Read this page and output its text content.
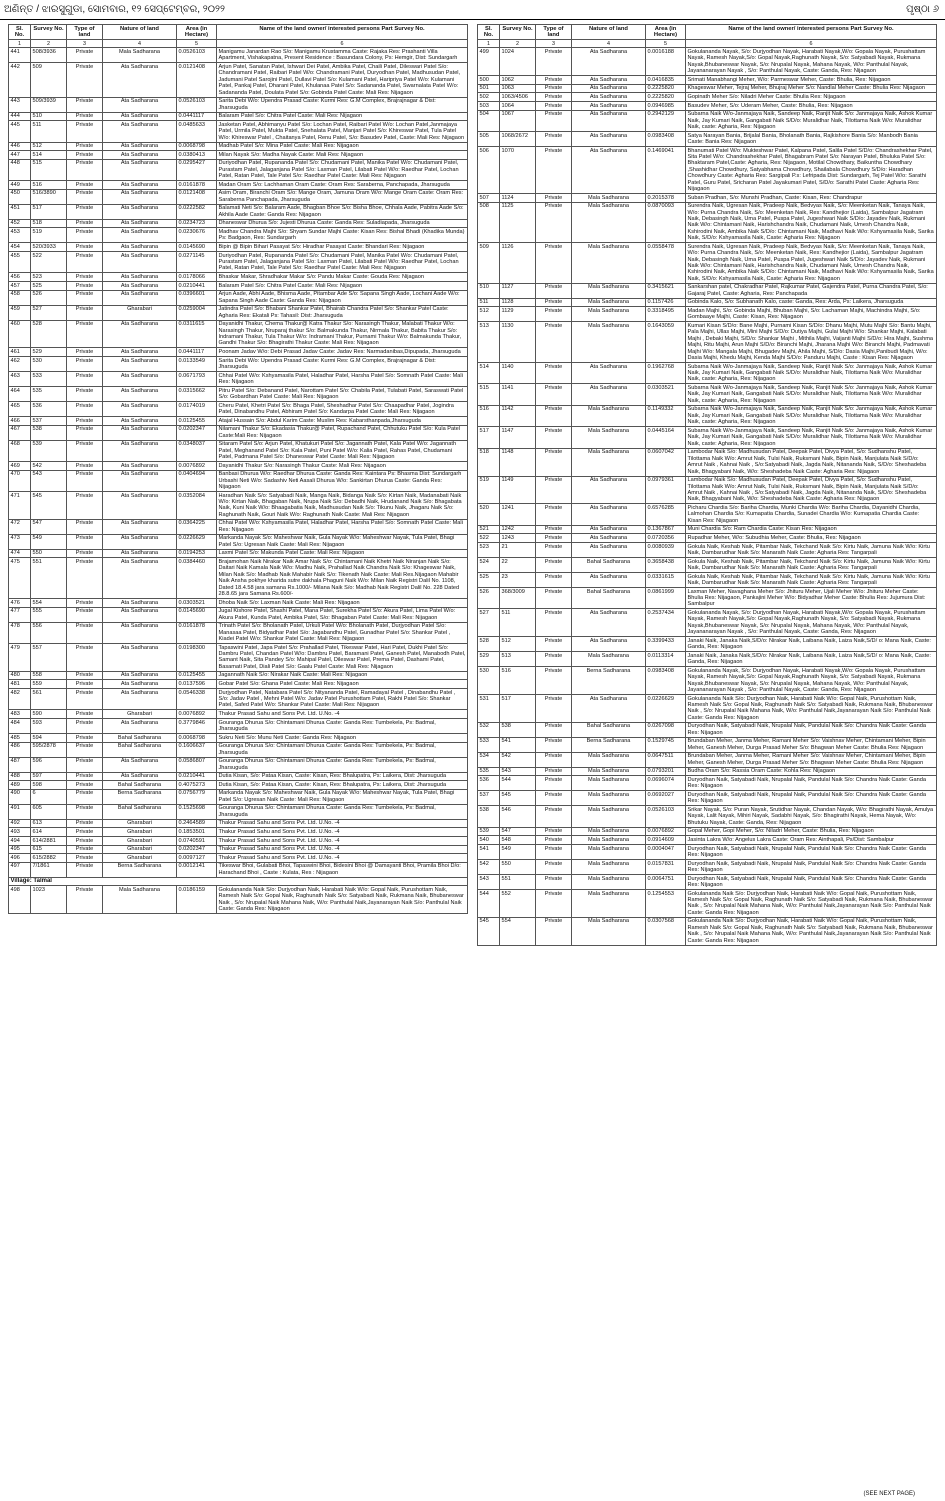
ଅଣିନ୍ତ / ଝାରସୁଗୁଡା, ସୋମବାର, ୧୨ ସେପ୍ଟେମ୍ବର, ୨୦୨୨	ପୃଷ୍ଠା ୬
Sl. No.	Survey No.	Type of land	Nature of land	Area (in Hectare)	Name of the land owner/ interested persons Part Survey No.
1	2	3	4	5	6
441	508/3936	Private	Mala Sadharana	0.0526103	Manigamu Janardan Rao S/o: Manigamu Krustamma Caste: Rajaka Res: Prashanti Villa Apartment, Vishakapatna, Present Residence : Basundara Colony, Ps: Hemgir, Dist: Sundargarh
442	509	Private	Ata Sadharana	0.0121408	Arjun Patel, Sanatan Patel, Ishwari Dei Patel, Ambika Patel, Chaili Patel, Dileswari Patel S/o: Chandramani Patel, Raibari Patel W/o: Chandramani Patel, Duryodhan Patel, Madhusudan Patel, Jadumani Patel Sarojini Patel, Dullavi Patel S/o: Kulamani Patel, Haripriya Patel W/o: Kulamani Patel, Pankaj Patel, Dharani Patel, Khulanaa Patel S/o: Sadananda Patel, Swarnalata Patel W/o: Sadananda Patel, Doulata Patel S/o: Gobinda Patel Caste: Mali Res: Nijagaon
443	509/3939	Private	Ata Sadharana	0.0526103	Sarita Debi W/o: Upendra Prasad Caste: Kurmi Res: G.M Complex, Brajrajnagar & Dist: Jharsuguda
444	510	Private	Ata Sadharana	0.0441117	Balaram Patel S/o: Chitra Patel Caste: Mali Res: Nijagaon
445	511	Private	Ata Sadharana	0.0485633	Jasketan Patel, Abhimanyu Patel S/o: Lochan Patel, Raibari Patel W/o: Lochan Patel,Janmajaya Patel, Urmila Patel, Mukta Patel, Snehalata Patel, Manjari Patel S/o: Khireswar Patel, Tula Patel W/o: Khireswar Patel , Chaitanya Patel, Renu Patel, S/o: Basudev Patel, Caste: Mali Res: Nijagaon
446	512	Private	Ata Sadharana	0.0068798	Madhab Patel S/o: Mina Patel Caste: Mali Res: Nijagaon
447	514	Private	Ata Sadharana	0.0380413	Milan Nayak S/o: Madha Nayak Caste: Mali Res: Nijagaon
448	515	Private	Ata Sadharana	0.0295427	Duriyodhan Patel, Rupananda Patel S/o: Chudamani Patel, Manika Patel W/o: Chudamani Patel, Purastam Patel, Jalaganjana Patel S/o: Laxman Patel, Lilabati Patel W/o: Raedhar Patel, Lochan Patel, Ratan Patel, Tale Patel S/o: Raedhar Patel Caste: Mali Res: Nijagaon
449	516	Private	Ata Sadharana	0.0161878	Madan Oram S/o: Lachhaman Oram Caste: Oram Res: Saraberna, Panchapada, Jharsuguda
450	516/3890	Private	Ata Sadharana	0.0121408	Asim Oram, Biranchi Oram S/o: Mange Oram, Jamuna Oram W/o: Mange Oram Caste: Oram Res: Saraberna Panchapada, Jharsuguda
451	517	Private	Ata Sadharana	0.0222582	Balamati Neti S/o: Balaram Aade, Bhagban Bhoe S/o: Bisha Bhoe, Chhala Aade, Pabitra Aade S/o: Akhila Aade Caste: Ganda Res: Nijagaon
452	518	Private	Ata Sadharana	0.0234723	Dhaneswar Dhurua S/o: Jujesti Dhurua Caste: Ganda Res: Suladiapada, Jharsuguda
453	519	Private	Ata Sadharana	0.0230676	Madhav Chandra Majhi S/o: Shyam Sundar Majhi Caste: Kisan Res: Bishal Bhadi (Khadika Munda) Ps: Badgaon, Res: Sundargarh
454	520/3933	Private	Ata Sadharana	0.0145690	Bipin @ Bipin Bihari Pasayat S/o: Hiradhar Pasayat Caste: Bhandari Res: Nijagaon
455	522	Private	Ata Sadharana	0.0271145	Duriyodhan Patel, Rupananda Patel S/o: Chudamani Patel, Manika Patel W/o: Chudamani Patel, Purastam Patel, Jalaganjana Patel S/o: Laxman Patel, Lilabati Patel W/o: Raedhar Patel, Lochan Patel, Ratan Patel, Tale Patel S/o: Raedhar Patel Caste: Mali Res: Nijagaon
456	523	Private	Ata Sadharana	0.0178066	Bhaskar Makar, Shradhakar Makar S/o: Pandu Makar Caste: Gouda Res: Nijagaon
457	525	Private	Ata Sadharana	0.0210441	Balaram Patel S/o: Chitra Patel Caste: Mali Res: Nijagaon
458	526	Private	Ata Sadharana	0.0396601	Arjun Aade, Abhi Aade, Bhisma Aade, Pitambar Ade S/o: Sapana Singh Aade, Lochani Aade W/o: Sapana Singh Aade Caste: Ganda Res: Nijagaon
459	527	Private	Gharabari	0.0259004	Jatindra Patel S/o: Bhabani Shankar Patel, Bhairab Chandra Patel S/o: Shankar Patel Caste: Agharia Res: Ekatali Ps: Tahasil: Dist: Jharsuguda
460	528	Private	Ata Sadharana	0.0311615	Dayanidhi Thakur, Chema Thakur@ Katra Thakur S/o: Narasingh Thakur, Malabati Thakur W/o: Narasingh Thakur, Nruparaj thakur S/o: Balmakunda Thakur, Nirmala Thakur, Babita Thakur S/o: Indramani Thakur, Tula Thakur W/o: Indramani Thakur, Purnami Thakur W/o: Balmakunda Thakur, Gandhi Thakur S/o: Bhagirathi Thakur Caste: Mali Res: Nijagaon
461	529	Private	Ata Sadharana	0.0441117	Poonam Jadav W/o: Debi Prasad Jadav Caste: Jadav Res: Narmadanibas,Dipupada, Jharsuguda
462	530	Private	Ata Sadharana	0.0133549	Sarita Debi W/o: Upendra Prasad Caste: Kurmi Res: G.M Complex, Brajrajnagar & Dist: Jharsuguda
463	533	Private	Ata Sadharana	0.0671793	Chhai Patel W/o: Kshyamasila Patel, Haladhar Patel, Harsha Patel S/o: Somnath Patel Caste: Mali Res: Nijagaon
464	535	Private	Ata Sadharana	0.0315662	Pitru Patel S/o: Debanand Patel, Narottam Patel S/o: Chabila Patel, Tulabati Patel, Saraswati Patel S/o: Gobardhan Patel Caste: Mali Res: Nijagaon
465	536	Private	Ata Sadharana	0.0174019	Cheru Patel, Khetri Patel S/o: Bhaga Patel, Sheshadhar Patel S/o: Chaapadhar Patel, Jogindra Patel, Dinabandhu Patel, Abhiram Patel S/o: Kandarpa Patel Caste: Mali Res: Nijagaon
466	537	Private	Ata Sadharana	0.0125455	Atajal Hussain S/o: Abdul Karim Caste: Muslim Res: Kabarsthanpada,Jharsuguda
467	538	Private	Ata Sadharana	0.0202347	Nilamani Thakur S/o: Ekadasia Thakur@ Patel, Rupachand Patel, Chhutuku Patel S/o: Kula Patel Caste:Mali Res: Nijagaon
468	539	Private	Ata Sadharana	0.0348037	Sitaram Patel S/o: Arjun Patel, Khatukuri Patel S/o: Jagannath Patel, Kala Patel W/o: Jagannath Patel, Meghanand Patel S/o: Kala Patel, Puni Patel W/o: Kalia Patel, Rahas Patel, Chudamani Patel, Padmana Patel S/o: Dhaneswar Patel Caste: Mali Res: Nijagaon
469	542	Private	Ata Sadharana	0.0076892	Dayanidhi Thakur S/o: Narasingh Thakur Caste: Mali Res: Nijagaon
470	543	Private	Ata Sadharana	0.0404694	Banbasi Dhurua W/o: Raedhar Dhurua Caste: Ganda Res: Kaintara Ps: Bhasma Dist: Sundargarh Urbashi Neti W/o: Sadashiv Neti Aasali Dhurua W/o: Sankirtan Dhurua Caste: Ganda Res: Nijagaon
471	545	Private	Ata Sadharana	0.0352084	Haradhan Naik S/o: Satyabadi Naik, Manga Naik, Bidanga Naik S/o: Kirtan Naik, Madanabati Naik W/o: Kirtan Naik, Bhagaban Naik, Nrupa Naik S/o: Debadhi Naik, Hrudanand Naik S/o: Bhagabata Naik, Kuni Naik W/o: Bhaagabatia Naik, Madhusudan Naik S/o: Tikunu Naik, Jhagaru Naik S/o: Raghunath Naik, Gouri Naik W/o: Raghunath Naik Caste: Mali Res: Nijagaon
472	547	Private	Ata Sadharana	0.0364225	Chhai Patel W/o: Kshyamasila Patel, Haladhar Patel, Harsha Patel S/o: Somnath Patel Caste: Mali Res: Nijagaon
473	549	Private	Ata Sadharana	0.0226629	Markanda Nayak S/o: Maheshwar Naik, Gula Nayak W/o: Maheshwar Nayak, Tula Patel, Bhagi Patel S/o: Ugresan Naik Caste: Mali Res: Nijagaon
474	550	Private	Ata Sadharana	0.0194253	Laxmi Patel S/o: Makunda Patel Caste: Mali Res: Nijagaon
475	551	Private	Ata Sadharana	0.0384460	Brajamohan Naik Nirakar Naik Amar Naik S/o: Chintamani Naik Khetri Naik Niranjan Naik S/o: Daitari Naik Kamala Naik W/o: Madhu Naik, Prahallad Naik Chandra Naik S/o: Khageswar Naik, Milan Naik S/o: Madhab Naik Mahabir Naik S/o: Tikenath Naik Caste: Mali Res.Nijagaon Mahabir Naik Ansha pokhye kharida sutre dakhala Phaguni Naik W/o: Milan Naik Registri Dalil No. 1108, Dated 18.4.58 jara samana Rs.1000/- Milana Naik S/o: Madhab Naik Registri Dalil No. 228 Dated 28.8.65 jara Samana Rs.600/-
476	554	Private	Ata Sadharana	0.0303521	Dhoba Naik S/o: Laxman Naik Caste: Mali Res: Nijagaon
477	555	Private	Ata Sadharana	0.0145690	Jugal Kishore Patel, Shashi Patel, Mana Patel, Surekha Patel S/o: Akura Patel, Lima Patel W/o: Akura Patel, Kunda Patel, Ambika Patel, S/o: Bhagaban Patel Caste: Mali Res: Nijagaon
478	556	Private	Ata Sadharana	0.0161878	Trinath Patel S/o: Bholanath Patel, Urkuli Patel W/o: Bholanath Patel, Durjyodhan Patel S/o: Manasaa Patel, Bidyadhar Patel S/o: Jagabandhu Patel, Gunadhar Patel S/o: Shankar Patel , Kiadei Patel W/o: Shankar Patel Caste: Mali Res: Nijagaon
479	557	Private	Ata Sadharana	0.0198300	Tapaswini Patel, Japa Patel S/o: Prahallad Patel, Tikeswar Patel, Hari Patel, Dukhi Patel S/o: Dambru Patel, Chandan Patel W/o: Dambru Patel, Baramani Patel, Ganesh Patel, Manabodh Patel, Samant Naik, Sita Pandey S/o: Mahipal Patel, Dileswar Patel, Prema Patel, Dashami Patel, Basamati Patel, Diali Patel S/o: Gaalu Patel Caste: Mali Res: Nijagaon
480	558	Private	Ata Sadharana	0.0125455	Jagannath Naik S/o: Nirakar Naik Caste: Mali Res: Nijagaon
481	559	Private	Ata Sadharana	0.0137596	Gobar Patel S/o: Ghana Patel Caste: Mali Res: Nijagaon
482	561	Private	Ata Sadharana	0.0546338	Durjyodhan Patel, Natabara Patel S/o: Nityananda Patel, Ramadayal Patel , Dinabandhu Patel , S/o: Jadav Patel , Mehni Patel W/o: Jadav Patel Purushottam Patel, Rakhi Patel S/o: Shankar Patel, Safed Patel W/o: Shankar Patel Caste: Mali Res: Nijagaon
483	590	Private	Gharabari	0.0076892	Thakur Prasad Sahu and Sons Pvt. Ltd. U.No. -4
484	593	Private	Ata Sadharana	0.3779846	Gouranga Dhurua S/o: Chintamani Dhurua Caste: Ganda Res: Tumbekela, Ps: Badmal, Jharsuguda
485	594	Private	Bahal Sadharana	0.0068798	Sukru Neti S/o: Munu Neti Caste: Ganda Res: Nijagaon
486	595/2878	Private	Bahal Sadharana	0.1606637	Gouranga Dhurua S/o: Chintamani Dhurua Caste: Ganda Res: Tumbekela, Ps: Badmal, Jharsuguda
487	596	Private	Ata Sadharana	0.0586807	Gouranga Dhurua S/o: Chintamani Dhurua Caste: Ganda Res: Tumbekela, Ps: Badmal, Jharsuguda
488	597	Private	Ata Sadharana	0.0210441	Dutia Kisan, S/o: Pataa Kisan, Caste: Kisan, Res: Bhalupatra, Ps: Laikera, Dist: Jharsuguda
489	598	Private	Bahal Sadharana	0.4075273	Dutia Kisan, S/o: Pataa Kisan, Caste: Kisan, Res: Bhalupatra, Ps: Laikera, Dist: Jharsuguda
490	6	Private	Berna Sadharana	0.0756779	Markanda Nayak S/o: Maheshwar Naik, Gula Nayak W/o: Maheshwar Nayak, Tula Patel, Bhagi Patel S/o: Ugresan Naik Caste: Mali Res: Nijagaon
491	605	Private	Bahal Sadharana	0.1525698	Gouranga Dhurua S/o: Chintamani Dhurua Caste: Ganda Res: Tumbekela, Ps: Badmal, Jharsuguda
492	613	Private	Gharabari	0.2464589	Thakur Prasad Sahu and Sons Pvt. Ltd. U.No. -4
493	614	Private	Gharabari	0.1853501	Thakur Prasad Sahu and Sons Pvt. Ltd. U.No. -4
494	614/2881	Private	Gharabari	0.0740591	Thakur Prasad Sahu and Sons Pvt. Ltd. U.No. -4
495	615	Private	Gharabari	0.0202347	Thakur Prasad Sahu and Sons Pvt. Ltd. U.No. -4
496	615/2882	Private	Gharabari	0.0097127	Thakur Prasad Sahu and Sons Pvt. Ltd. U.No. -4
497	7/1861	Private	Berna Sadharana	0.0012141	Tikeswar Bhoi, Gulabati Bhoi, Tapaswini Bhoi, Bidesini Bhoi @ Damayanti Bhoi, Pramila Bhoi D/o: Harachand Bhoi , Caste : Kulata, Res : Nijagaon
Village: Talmal					
498	1023	Private	Mala Sadharana	0.0186159	Gokulananda Naik S/o: Durjyodhan Naik, Harabati Naik W/o: Gopal Naik, Purushottam Naik, Ramesh Naik S/o: Gopal Naik, Raghunath Naik S/o: Satyabadi Naik, Rukmana Naik, Bhubaneswar Naik , S/o: Nrupalal Naik Mahana Naik, W/o: Panthulal Naik,Jayanarayan Naik S/o: Panthulal Naik Caste: Ganda Res: Nijagaon
Sl. No.	Survey No.	Type of land	Nature of land	Area (in Hectare)	Name of the land owner/ interested persons Part Survey No.
1	2	3	4	5	6
499	1024	Private	Ata Sadharana	0.0016188	Gokulananda Nayak, S/o: Durjyodhan Nayak, Harabati Nayak,W/o: Gopala Nayak, Purushattam Nayak, Ramesh Nayak,S/o: Gopal Nayak,Raghunath Nayak, S/o: Satyabadi Nayak, Rukmana Nayak,Bhubaneswar Nayak, S/o: Nrupalal Nayak, Mahana Nayak, W/o: Panthulal Nayak, Jayananarayan Nayak , S/o: Panthulal Nayak, Caste: Ganda, Res: Nijagaon
500	1062	Private	Ata Sadharana	0.0416835	Srimati Manabhangi Meher, W/o: Parmeswar Meher, Caste: Bhulia, Res: Nijagaon
501	1063	Private	Ata Sadharana	0.2225820	Khageswar Meher, Tejraj Meher, Bhujraj Meher S/o: Nandlal Meher Caste: Bhulia Res: Nijagaon
502	1063/4506	Private	Ata Sadharana	0.2225820	Gopinath Meher S/o: Niladri Meher Caste: Bhulia Res: Nijagaon
503	1064	Private	Ata Sadharana	0.0946985	Basudev Meher, S/o: Uderam Meher, Caste: Bhulia, Res: Nijagaon
504	1067	Private	Ata Sadharana	0.2942129	Subarna Naik W/o-Janmajaya Naik, Sandeep Naik, Ranjit Naik S/o: Janmajaya Naik, Ashok Kumar Naik, Jay Kumari Naik, Gangabati Naik S/D/o: Muralidhar Naik, Tilottama Naik W/o: Muralidhar Naik, caste: Agharia, Res: Nijagaon
505	1068/2672	Private	Ata Sadharana	0.0983408	Satya Narayan Bania, Brijalal Bania, Bholanath Bania, Rajkishore Bania S/o: Manbodh Bania Caste: Bania Res: Nijagaon
506	1070	Private	Ata Sadharana	0.1469041	Bhanumati Patel W/o: Mukteshwar Patel, Kalpana Patel, Salila Patel S/D/o: Chandrashekhar Patel, Sita Patel W/o: Chandrashekhar Patel, Bhagabram Patel S/o: Narayan Patel, Bhuluka Patel S/o: Bhaktaram Patel,Caste: Agharia, Res: Nijagaon, Motilal Chowdhary, Baikuntha Chowdhary ,Shashidhar Chowdhury, Satyabhama Chowdhury, Shailabala Chowdhury S/D/o: Haradhan Chowdhury Caste: Agharia Res: Sargipali P.s: Lefripada Dist: Sundargarh, Tej Patel W/o: Sarathi Patel, Guru Patel, Sricharan Patel Jayakumari Patel, S/D/o: Sarathi Patel Caste: Agharia Res: Nijagaon
507	1124	Private	Mala Sadharana	0.2015378	Suban Pradhan, S/o: Munshi Pradhan, Caste: Kisan, Res: Chandrapur
508	1125	Private	Mala Sadharana	0.0870093	Surendra Naik, Ugresan Naik, Pradeep Naik, Bedvyas Naik, S/o: Meenketan Naik, Tanaya Naik, W/o: Purna Chandra Naik, S/o: Meenketan Naik, Res: Kandhejior (Laida), Sambalpur Jagatram Naik, Debasingh Naik, Uma Patel, Puspa Patel, Jugeshwari Naik S/D/o: Jayadev Naik, Rukmani Naik W/o: Chintamani Naik, Harishchandra Naik, Chudamani Naik, Umesh Chandra Naik, Kshirodini Naik, Ambika Naik S/D/o: Chintamani Naik, Madhavi Naik W/o: Kshyamasila Naik, Sarika Naik, S/D/o: Kshyamasila Naik, Caste: Agharia Res: Nijagaon
509	1126	Private	Mala Sadharana	0.0558478	Surendra Naik, Ugresan Naik, Pradeep Naik, Bedvyas Naik, S/o: Meenketan Naik, Tanaya Naik, W/o: Purna Chandra Naik, S/o: Meenketan Naik, Res: Kandhejior (Laida), Sambalpur Jagatram Naik, Debasingh Naik, Uma Patel, Puspa Patel, Jugeshwari Naik S/D/o: Jayadev Naik, Rukmani Naik W/o: Chintamani Naik, Harishchandra Naik, Chudamani Naik, Umesh Chandra Naik, Kshirodini Naik, Ambika Naik S/D/o: Chintamani Naik, Madhavi Naik W/o: Kshyamasila Naik, Sarika Naik, S/D/o: Kshyamasila Naik, Caste: Agharia Res: Nijagaon
510	1127	Private	Mala Sadharana	0.3415621	Sankarshan patel, Chakradhar Patel, Rajkumar Patel, Gajendra Patel, Purna Chandra Patel, S/o: Gajaraj Patel, Caste: Agharia, Res: Panchapada
511	1128	Private	Mala Sadharana	0.1157426	Gobinda Kalo, S/o: Subhanath Kalo, caste: Ganda, Res: Arda, Ps: Laikera, Jharsuguda
512	1129	Private	Mala Sadharana	0.3318495	Madan Majhi, S/o: Gobinda Majhi, Bhuban Majhi, S/o: Lachaman Majhi, Machindra Majhi, S/o: Gombaaye Majhi, Caste: Kisan, Res: Nijagaon
513	1130	Private	Mala Sadharana	0.1643059	Kumari Kisan S/D/o: Bane Majhi, Purnami Kisan S/D/o: Dhanu Majhi, Mutu Majhi S/o: Bantu Majhi, Pala Majhi, Ullas Majhi, Mini Majhi S/D/o: Dutiya Majhi, Gulai Majhi W/o: Shankar Majhi, Kalabati Majhi , Debaki Majhi, S/D/o: Shankar Majhi , Mithila Majhi, Vaijanti Majhi S/D/o: Hira Majhi, Sushma Majhi, Ritu Majhi, Arun Majhi S/D/o: Biranchi Majhi, Jharana Majhi W/o: Biranchi Majhi, Padmavati Majhi W/o: Mangala Majhi, Bhugadev Majhi, Ahila Majhi, S/D/o: Dasia Majhi,Panibudi Majhi, W/o: Dasia Majhi, Khedu Majhi, Kenda Majhi S/D/o: Panduru Majhi, Caste : Kisan Res: Nijagaon
514	1140	Private	Ata Sadharana	0.1962768	Subarna Naik W/o-Janmajaya Naik, Sandeep Naik, Ranjit Naik S/o: Janmajaya Naik, Ashok Kumar Naik, Jay Kumari Naik, Gangabati Naik S/D/o: Muralidhar Naik, Tilottama Naik W/o: Muralidhar Naik, caste: Agharia, Res: Nijagaon
515	1141	Private	Ata Sadharana	0.0303521	Subarna Naik W/o-Janmajaya Naik, Sandeep Naik, Ranjit Naik S/o: Janmajaya Naik, Ashok Kumar Naik, Jay Kumari Naik, Gangabati Naik S/D/o: Muralidhar Naik, Tilottama Naik W/o: Muralidhar Naik, caste: Agharia, Res: Nijagaon
516	1142	Private	Mala Sadharana	0.1149332	Subarna Naik W/o-Janmajaya Naik, Sandeep Naik, Ranjit Naik S/o: Janmajaya Naik, Ashok Kumar Naik, Jay Kumari Naik, Gangabati Naik S/D/o: Muralidhar Naik, Tilottama Naik W/o: Muralidhar Naik, caste: Agharia, Res: Nijagaon
517	1147	Private	Mala Sadharana	0.0445164	Subarna Naik W/o-Janmajaya Naik, Sandeep Naik, Ranjit Naik S/o: Janmajaya Naik, Ashok Kumar Naik, Jay Kumari Naik, Gangabati Naik S/D/o: Muralidhar Naik, Tilottama Naik W/o: Muralidhar Naik, caste: Agharia, Res: Nijagaon
518	1148	Private	Mala Sadharana	0.0607042	Lambodar Naik S/o: Madhusudan Patel, Deepak Patel, Divya Patel, S/o: Sudhanshu Patel, Tilottama Naik W/o: Amrut Naik, Tulsi Naik, Ruksmani Naik, Bipin Naik, Manjulata Naik S/D/o: Amrut Naik , Kahnai Naik , S/o:Satyabadi Naik, Jagda Naik, Nitananda Naik, S/D/o: Sheshadeba Naik, Bhagyabani Naik, W/o: Sheshadeba Naik Caste: Agharia Res: Nijagaon
519	1149	Private	Ata Sadharana	0.0979361	Lambodar Naik S/o: Madhusudan Patel, Deepak Patel, Divya Patel, S/o: Sudhanshu Patel, Tilottama Naik W/o: Amrut Naik, Tulsi Naik, Ruksmani Naik, Bipin Naik, Manjulata Naik S/D/o: Amrut Naik , Kahnai Naik , S/o:Satyabadi Naik, Jagda Naik, Nitananda Naik, S/D/o: Sheshadeba Naik, Bhagyabani Naik, W/o: Sheshadeba Naik Caste: Agharia Res: Nijagaon
520	1241	Private	Ata Sadharana	0.6576285	Picharu Chardia S/o: Bariha Chardia, Munki Chardia W/o: Bariha Chardia, Dayanidhi Chardia, Lalmohan Chardia S/o: Kumapatia Chardia, Sunadei Chardia W/o: Kumapatia Chardia Caste: Kisan Res: Nijagaon
521	1242	Private	Ata Sadharana	0.1367867	Muni Chardia S/o: Ram Chardia Caste: Kisan Res: Nijagaon
522	1243	Private	Ata Sadharana	0.0720356	Rupadhar Meher, W/o: Subudhia Meher, Caste: Bhulia, Res: Nijagaon
523	21	Private	Ata Sadharana	0.0080939	Gokula Naik, Keshab Naik, Pitambar Naik, Tekchand Naik S/o: Kirtu Naik, Jamuna Naik W/o: Kirtu Naik, Dambarudhar Naik S/o: Manarath Naik Caste: Agharia Res: Tangarpali
524	22	Private	Bahal Sadharana	0.3658438	Gokula Naik, Keshab Naik, Pitambar Naik, Tekchand Naik S/o: Kirtu Naik, Jamuna Naik W/o: Kirtu Naik, Dambarudhar Naik S/o: Manarath Naik Caste: Agharia Res: Tangarpali
525	23	Private	Ata Sadharana	0.0331615	Gokula Naik, Keshab Naik, Pitambar Naik, Tekchand Naik S/o: Kirtu Naik, Jamuna Naik W/o: Kirtu Naik, Dambarudhar Naik S/o: Manarath Naik Caste: Agharia Res: Tangarpali
526	368/3009	Private	Bahal Sadharana	0.0861999	Laxman Meher, Navaghana Meher S/o: Jhituru Meher, Ujali Meher W/o: Jhituru Meher Caste: Bhulia Res: Nijagaon, Pankajini Meher W/o: Bidyadhar Meher Caste: Bhulia Res: Jujumura Dist: Sambalpur
527	511	Private	Ata Sadharana	0.2537434	Gokulananda Nayak, S/o: Durjyodhan Nayak, Harabati Nayak,W/o: Gopala Nayak, Purushattam Nayak, Ramesh Nayak,S/o: Gopal Nayak,Raghunath Nayak, S/o: Satyabadi Nayak, Rukmana Nayak,Bhubaneswar Nayak, S/o: Nrupalal Nayak, Mahana Nayak, W/o: Panthulal Nayak, Jayananarayan Nayak , S/o: Panthulal Nayak, Caste: Ganda, Res: Nijagaon
528	512	Private	Ata Sadharana	0.3399433	Janaki Naik, Janaka Naik,S/D/o: Nirakar Naik, Laibana Naik, Laiza Naik,S/D/ o: Mana Naik, Caste: Ganda, Res: Nijagaon
529	513	Private	Mala Sadharana	0.0113314	Janaki Naik, Janaka Naik,S/D/o: Nirakar Naik, Laibana Naik, Laiza Naik,S/D/ o: Mana Naik, Caste: Ganda, Res: Nijagaon
530	516	Private	Berna Sadharana	0.0983408	Gokulananda Nayak, S/o: Durjyodhan Nayak, Harabati Nayak,W/o: Gopala Nayak, Purushattam Nayak, Ramesh Nayak,S/o: Gopal Nayak,Raghunath Nayak, S/o: Satyabadi Nayak, Rukmana Nayak,Bhubaneswar Nayak, S/o: Nrupalal Nayak, Mahana Nayak, W/o: Panthulal Nayak, Jayananarayan Nayak , S/o: Panthulal Nayak, Caste: Ganda, Res: Nijagaon
531	517	Private	Ata Sadharana	0.0226629	Gokulananda Naik S/o: Durjyodhan Naik, Harabati Naik W/o: Gopal Naik, Purushottam Naik, Ramesh Naik S/o: Gopal Naik, Raghunath Naik S/o: Satyabadi Naik, Rukmana Naik, Bhubaneswar Naik , S/o: Nrupalal Naik Mahana Naik, W/o: Panthulal Naik,Jayanarayan Naik S/o: Panthulal Naik Caste: Ganda Res: Nijagaon
532	538	Private	Bahal Sadharana	0.0267098	Duryodhan Naik, Satyabadi Naik, Nrupalal Naik, Pandulal Naik S/o: Chandra Naik Caste: Ganda Res: Nijagaon
533	541	Private	Berna Sadharana	0.1529745	Brundaban Meher, Janma Meher, Ramani Meher S/o: Vaishnav Meher, Chintamani Meher, Bipin Meher, Ganesh Meher, Durga Prasad Meher S/o: Bhagwan Meher Caste: Bhulia Res: Nijagaon
534	542	Private	Mala Sadharana	0.0647511	Brundaban Meher, Janma Meher, Ramani Meher S/o: Vaishnav Meher, Chintamani Meher, Bipin Meher, Ganesh Meher, Durga Prasad Meher S/o: Bhagwan Meher Caste: Bhulia Res: Nijagaon
535	543	Private	Mala Sadharana	0.0793201	Budha Oram S/o: Rassia Oram Caste: Kohla Res: Nijagaon
536	544	Private	Mala Sadharana	0.0696074	Duryodhan Naik, Satyabadi Naik, Nrupalal Naik, Pandulal Naik S/o: Chandra Naik Caste: Ganda Res: Nijagaon
537	545	Private	Mala Sadharana	0.0692027	Duryodhan Naik, Satyabadi Naik, Nrupalal Naik, Pandulal Naik S/o: Chandra Naik Caste: Ganda Res: Nijagaon
538	546	Private	Mala Sadharana	0.0526103	Srikar Nayak, S/o: Puran Nayak, Srutidhar Nayak, Chandan Nayak, W/o: Bhagirathi Nayak, Amulya Nayak, Lalit Nayak, Mihiri Nayak, Sadabhi Nayak, S/o: Bhagirathi Nayak, Hema Nayak, W/o: Bhutuku Nayak, Caste: Ganda, Res: Nijagaon
539	547	Private	Mala Sadharana	0.0076892	Gopal Meher, Gopi Meher, S/o: Niladri Meher, Caste: Bhulia, Res: Nijagaon
540	548	Private	Mala Sadharana	0.0914609	Jasinta Lakra W/o: Angelus Lakra Caste: Oram Res: Ainthapali, Ps/Dist: Sambalpur
541	549	Private	Mala Sadharana	0.0004047	Duryodhan Naik, Satyabadi Naik, Nrupalal Naik, Pandulal Naik S/o: Chandra Naik Caste: Ganda Res: Nijagaon
542	550	Private	Mala Sadharana	0.0157831	Duryodhan Naik, Satyabadi Naik, Nrupalal Naik, Pandulal Naik S/o: Chandra Naik Caste: Ganda Res: Nijagaon
543	551	Private	Mala Sadharana	0.0064751	Duryodhan Naik, Satyabadi Naik, Nrupalal Naik, Pandulal Naik S/o: Chandra Naik Caste: Ganda Res: Nijagaon
544	552	Private	Mala Sadharana	0.1254553	Gokulananda Naik S/o: Durjyodhan Naik, Harabati Naik W/o: Gopal Naik, Purushottam Naik, Ramesh Naik S/o: Gopal Naik, Raghunath Naik S/o: Satyabadi Naik, Rukmana Naik, Bhubaneswar Naik , S/o: Nrupalal Naik Mahana Naik, W/o: Panthulal Naik,Jayanarayan Naik S/o: Panthulal Naik Caste: Ganda Res: Nijagaon
545	554	Private	Mala Sadharana	0.0307568	Gokulananda Naik S/o: Durjyodhan Naik, Harabati Naik W/o: Gopal Naik, Purushottam Naik, Ramesh Naik S/o: Gopal Naik, Raghunath Naik S/o: Satyabadi Naik, Rukmana Naik, Bhubaneswar Naik , S/o: Nrupalal Naik Mahana Naik, W/o: Panthulal Naik,Jayanarayan Naik S/o: Panthulal Naik Caste: Ganda Res: Nijagaon
(SEE NEXT PAGE)
